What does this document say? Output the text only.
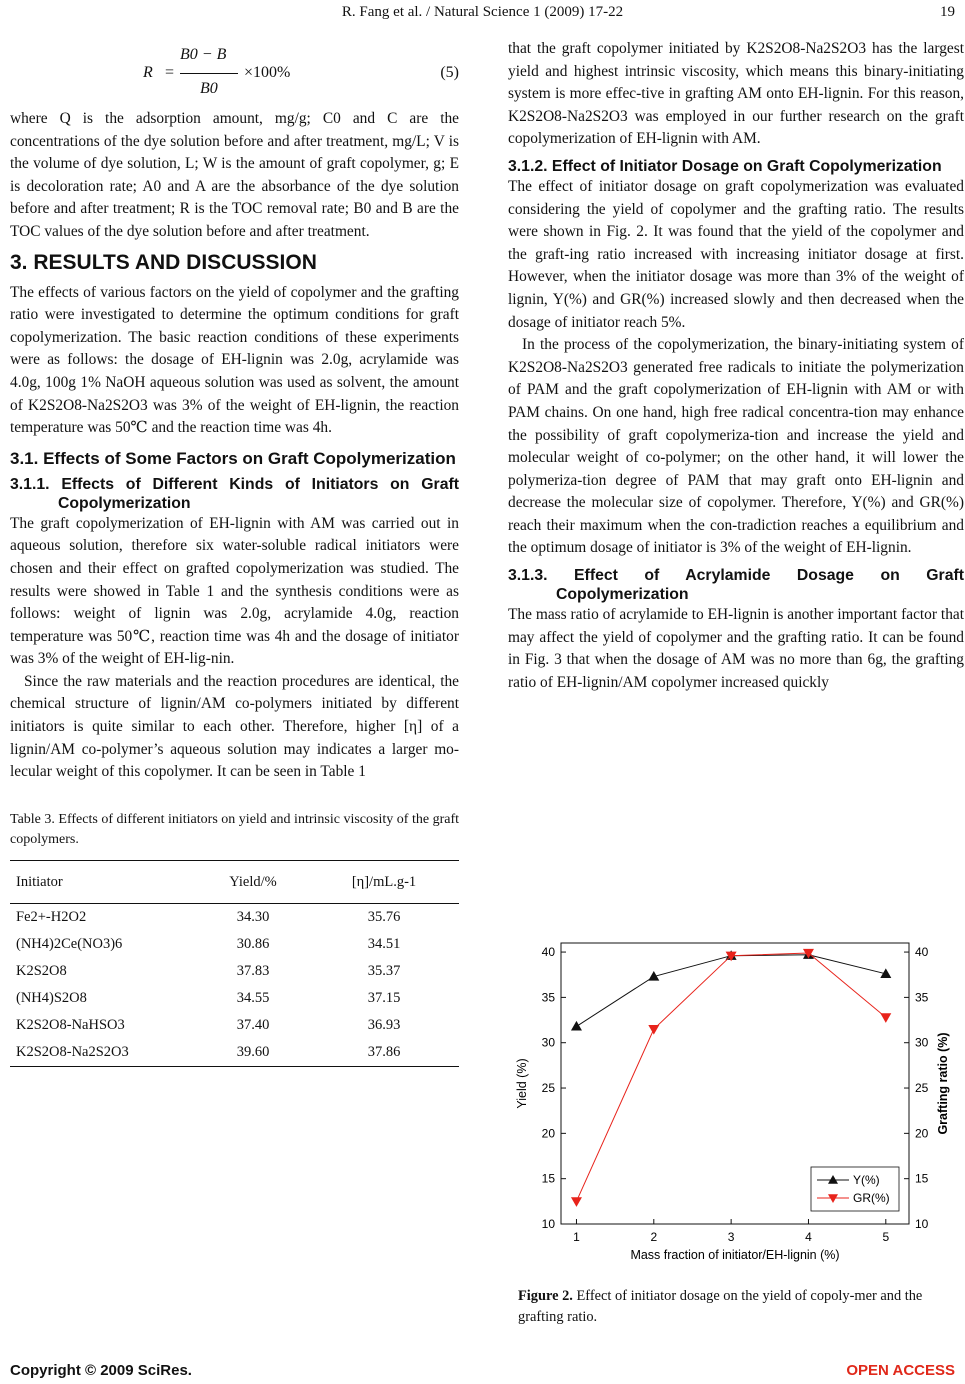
R. Fang et al. / Natural Science 1 (2009) 17-22	19
R =
B0 − B
B0
×100%	(5)

where Q is the adsorption amount, mg/g; C0 and C are the concentrations of the dye solution before and after treatment, mg/L; V is the volume of dye solution, L; W is the amount of graft copolymer, g; E is decoloration rate; A0 and A are the absorbance of the dye solution before and after treatment; R is the TOC removal rate; B0 and B are the TOC values of the dye solution before and after treatment.

3. RESULTS AND DISCUSSION

The effects of various factors on the yield of copolymer and the grafting ratio were investigated to determine the optimum conditions for graft copolymerization. The basic reaction conditions of these experiments were as follows: the dosage of EH-lignin was 2.0g, acrylamide was 4.0g, 100g 1% NaOH aqueous solution was used as solvent, the amount of K2S2O8-Na2S2O3 was 3% of the weight of EH-lignin, the reaction temperature was 50℃ and the reaction time was 4h.

3.1. Effects of Some Factors on Graft Copolymerization
3.1.1. Effects of Different Kinds of Initiators on Graft Copolymerization

The graft copolymerization of EH-lignin with AM was carried out in aqueous solution, therefore six water-soluble radical initiators were chosen and their effect on grafted copolymerization was studied. The results were showed in Table 1 and the synthesis conditions were as follows: weight of lignin was 2.0g, acrylamide 4.0g, reaction temperature was 50℃, reaction time was 4h and the dosage of initiator was 3% of the weight of EH-lig-nin.

Since the raw materials and the reaction procedures are identical, the chemical structure of lignin/AM co-polymers initiated by different initiators is quite similar to each other. Therefore, higher [η] of a lignin/AM co-polymer’s aqueous solution may indicates a larger mo-lecular weight of this copolymer. It can be seen in Table 1

Table 3. Effects of different initiators on yield and intrinsic viscosity of the graft copolymers.

Initiator	Yield/%	[η]/mL.g-1
Fe2+-H2O2	34.30	35.76
(NH4)2Ce(NO3)6	30.86	34.51
K2S2O8	37.83	35.37
(NH4)S2O8	34.55	37.15
K2S2O8-NaHSO3	37.40	36.93
K2S2O8-Na2S2O3	39.60	37.86

that the graft copolymer initiated by K2S2O8-Na2S2O3 has the largest yield and highest intrinsic viscosity, which means this binary-initiating system is more effec-tive in grafting AM onto EH-lignin. For this reason, K2S2O8-Na2S2O3 was employed in our further research on the graft copolymerization of EH-lignin with AM.

3.1.2. Effect of Initiator Dosage on Graft Copolymerization

The effect of initiator dosage on graft copolymerization was evaluated considering the yield of copolymer and the grafting ratio. The results were shown in Fig. 2. It was found that the yield of the copolymer and the graft-ing ratio increased with increasing initiator dosage at first. However, when the initiator dosage was more than 3% of the weight of lignin, Y(%) and GR(%) increased slowly and then decreased when the dosage of initiator reach 5%.

In the process of the copolymerization, the binary-initiating system of K2S2O8-Na2S2O3 generated free radicals to initiate the polymerization of PAM and the graft copolymerization of EH-lignin with AM or with PAM chains. On one hand, high free radical concentra-tion may enhance the possibility of graft copolymeriza-tion and increase the yield and molecular weight of co-polymer; on the other hand, it will lower the polymeriza-tion degree of PAM that may graft onto EH-lignin and decrease the molecular size of copolymer. Therefore, Y(%) and GR(%) reach their maximum when the con-tradiction reaches a equilibrium and the optimum dosage of initiator is 3% of the weight of EH-lignin.

3.1.3. Effect of Acrylamide Dosage on Graft Copolymerization

The mass ratio of acrylamide to EH-lignin is another important factor that may affect the yield of copolymer and the grafting ratio. It can be found in Fig. 3 that when the dosage of AM was no more than 6g, the grafting ratio of EH-lignin/AM copolymer increased quickly

1	2	3	4	5
10	10
15	15
20	20
25	25
30	30
35	35
40	40
Mass fraction of initiator/EH-lignin (%)
Yield (%)	Grafting ratio (%)
Y(%)
GR(%)
Figure 2. Effect of initiator dosage on the yield of copoly-mer and the grafting ratio.
Copyright © 2009 SciRes.	OPEN ACCESS
